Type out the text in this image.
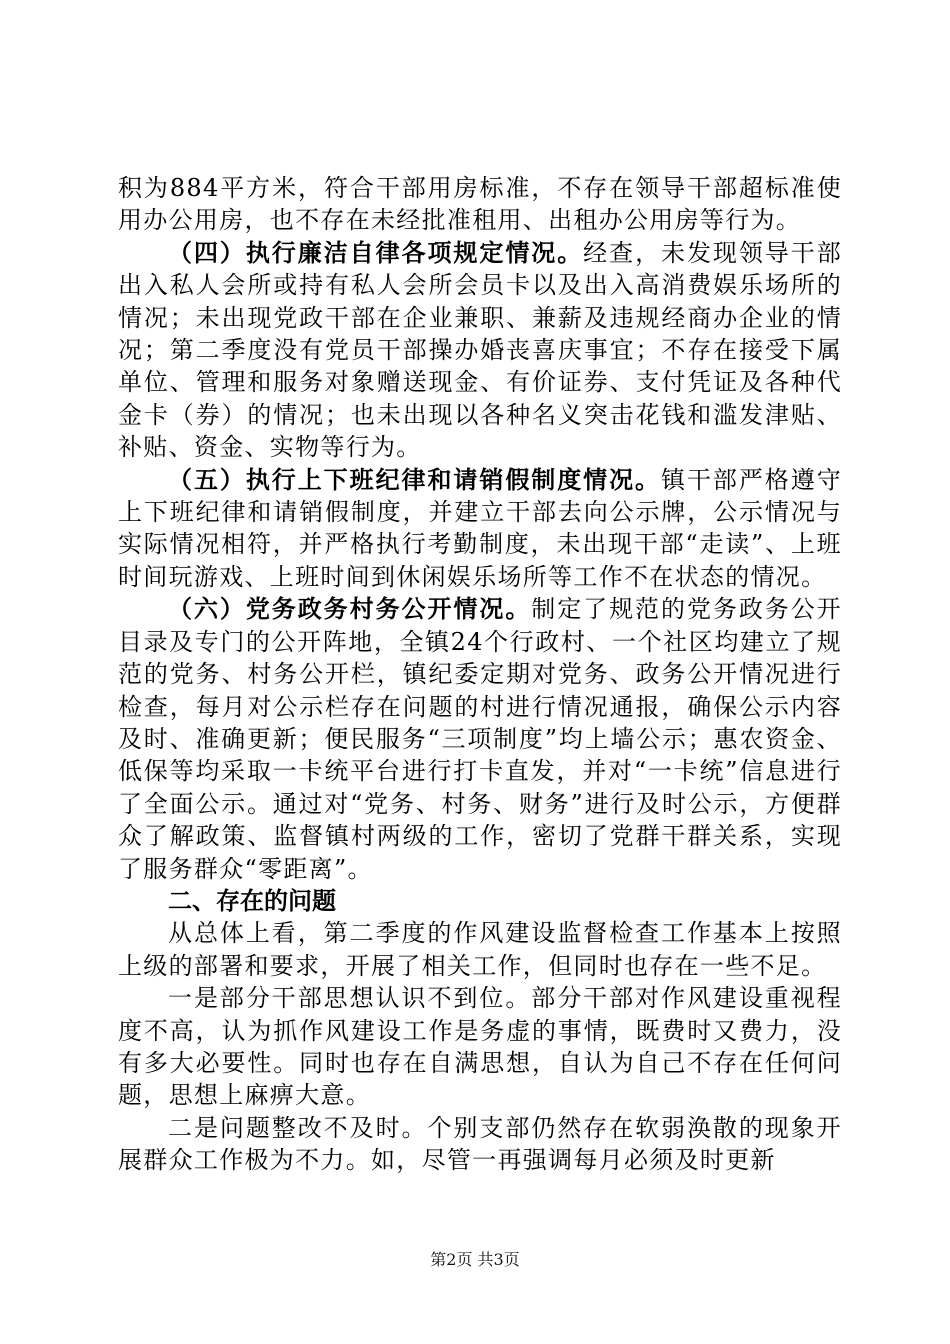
积为884平方米，符合干部用房标准，不存在领导干部超标准使用办公用房，也不存在未经批准租用、出租办公用房等行为。

（四）执行廉洁自律各项规定情况。经查，未发现领导干部出入私人会所或持有私人会所会员卡以及出入高消费娱乐场所的情况；未出现党政干部在企业兼职、兼薪及违规经商办企业的情况；第二季度没有党员干部操办婚丧喜庆事宜；不存在接受下属单位、管理和服务对象赠送现金、有价证券、支付凭证及各种代金卡（券）的情况；也未出现以各种名义突击花钱和滥发津贴、补贴、资金、实物等行为。

（五）执行上下班纪律和请销假制度情况。镇干部严格遵守上下班纪律和请销假制度，并建立干部去向公示牌，公示情况与实际情况相符，并严格执行考勤制度，未出现干部“走读”、上班时间玩游戏、上班时间到休闲娱乐场所等工作不在状态的情况。

（六）党务政务村务公开情况。制定了规范的党务政务公开目录及专门的公开阵地，全镇24个行政村、一个社区均建立了规范的党务、村务公开栏，镇纪委定期对党务、政务公开情况进行检查，每月对公示栏存在问题的村进行情况通报，确保公示内容及时、准确更新；便民服务“三项制度”均上墙公示；惠农资金、低保等均采取一卡统平台进行打卡直发，并对“一卡统”信息进行了全面公示。通过对“党务、村务、财务”进行及时公示，方便群众了解政策、监督镇村两级的工作，密切了党群干群关系，实现了服务群众“零距离”。

二、存在的问题

从总体上看，第二季度的作风建设监督检查工作基本上按照上级的部署和要求，开展了相关工作，但同时也存在一些不足。

一是部分干部思想认识不到位。部分干部对作风建设重视程度不高，认为抓作风建设工作是务虚的事情，既费时又费力，没有多大必要性。同时也存在自满思想，自认为自己不存在任何问题，思想上麻痹大意。

二是问题整改不及时。个别支部仍然存在软弱涣散的现象开展群众工作极为不力。如，尽管一再强调每月必须及时更新

第2页 共3页
